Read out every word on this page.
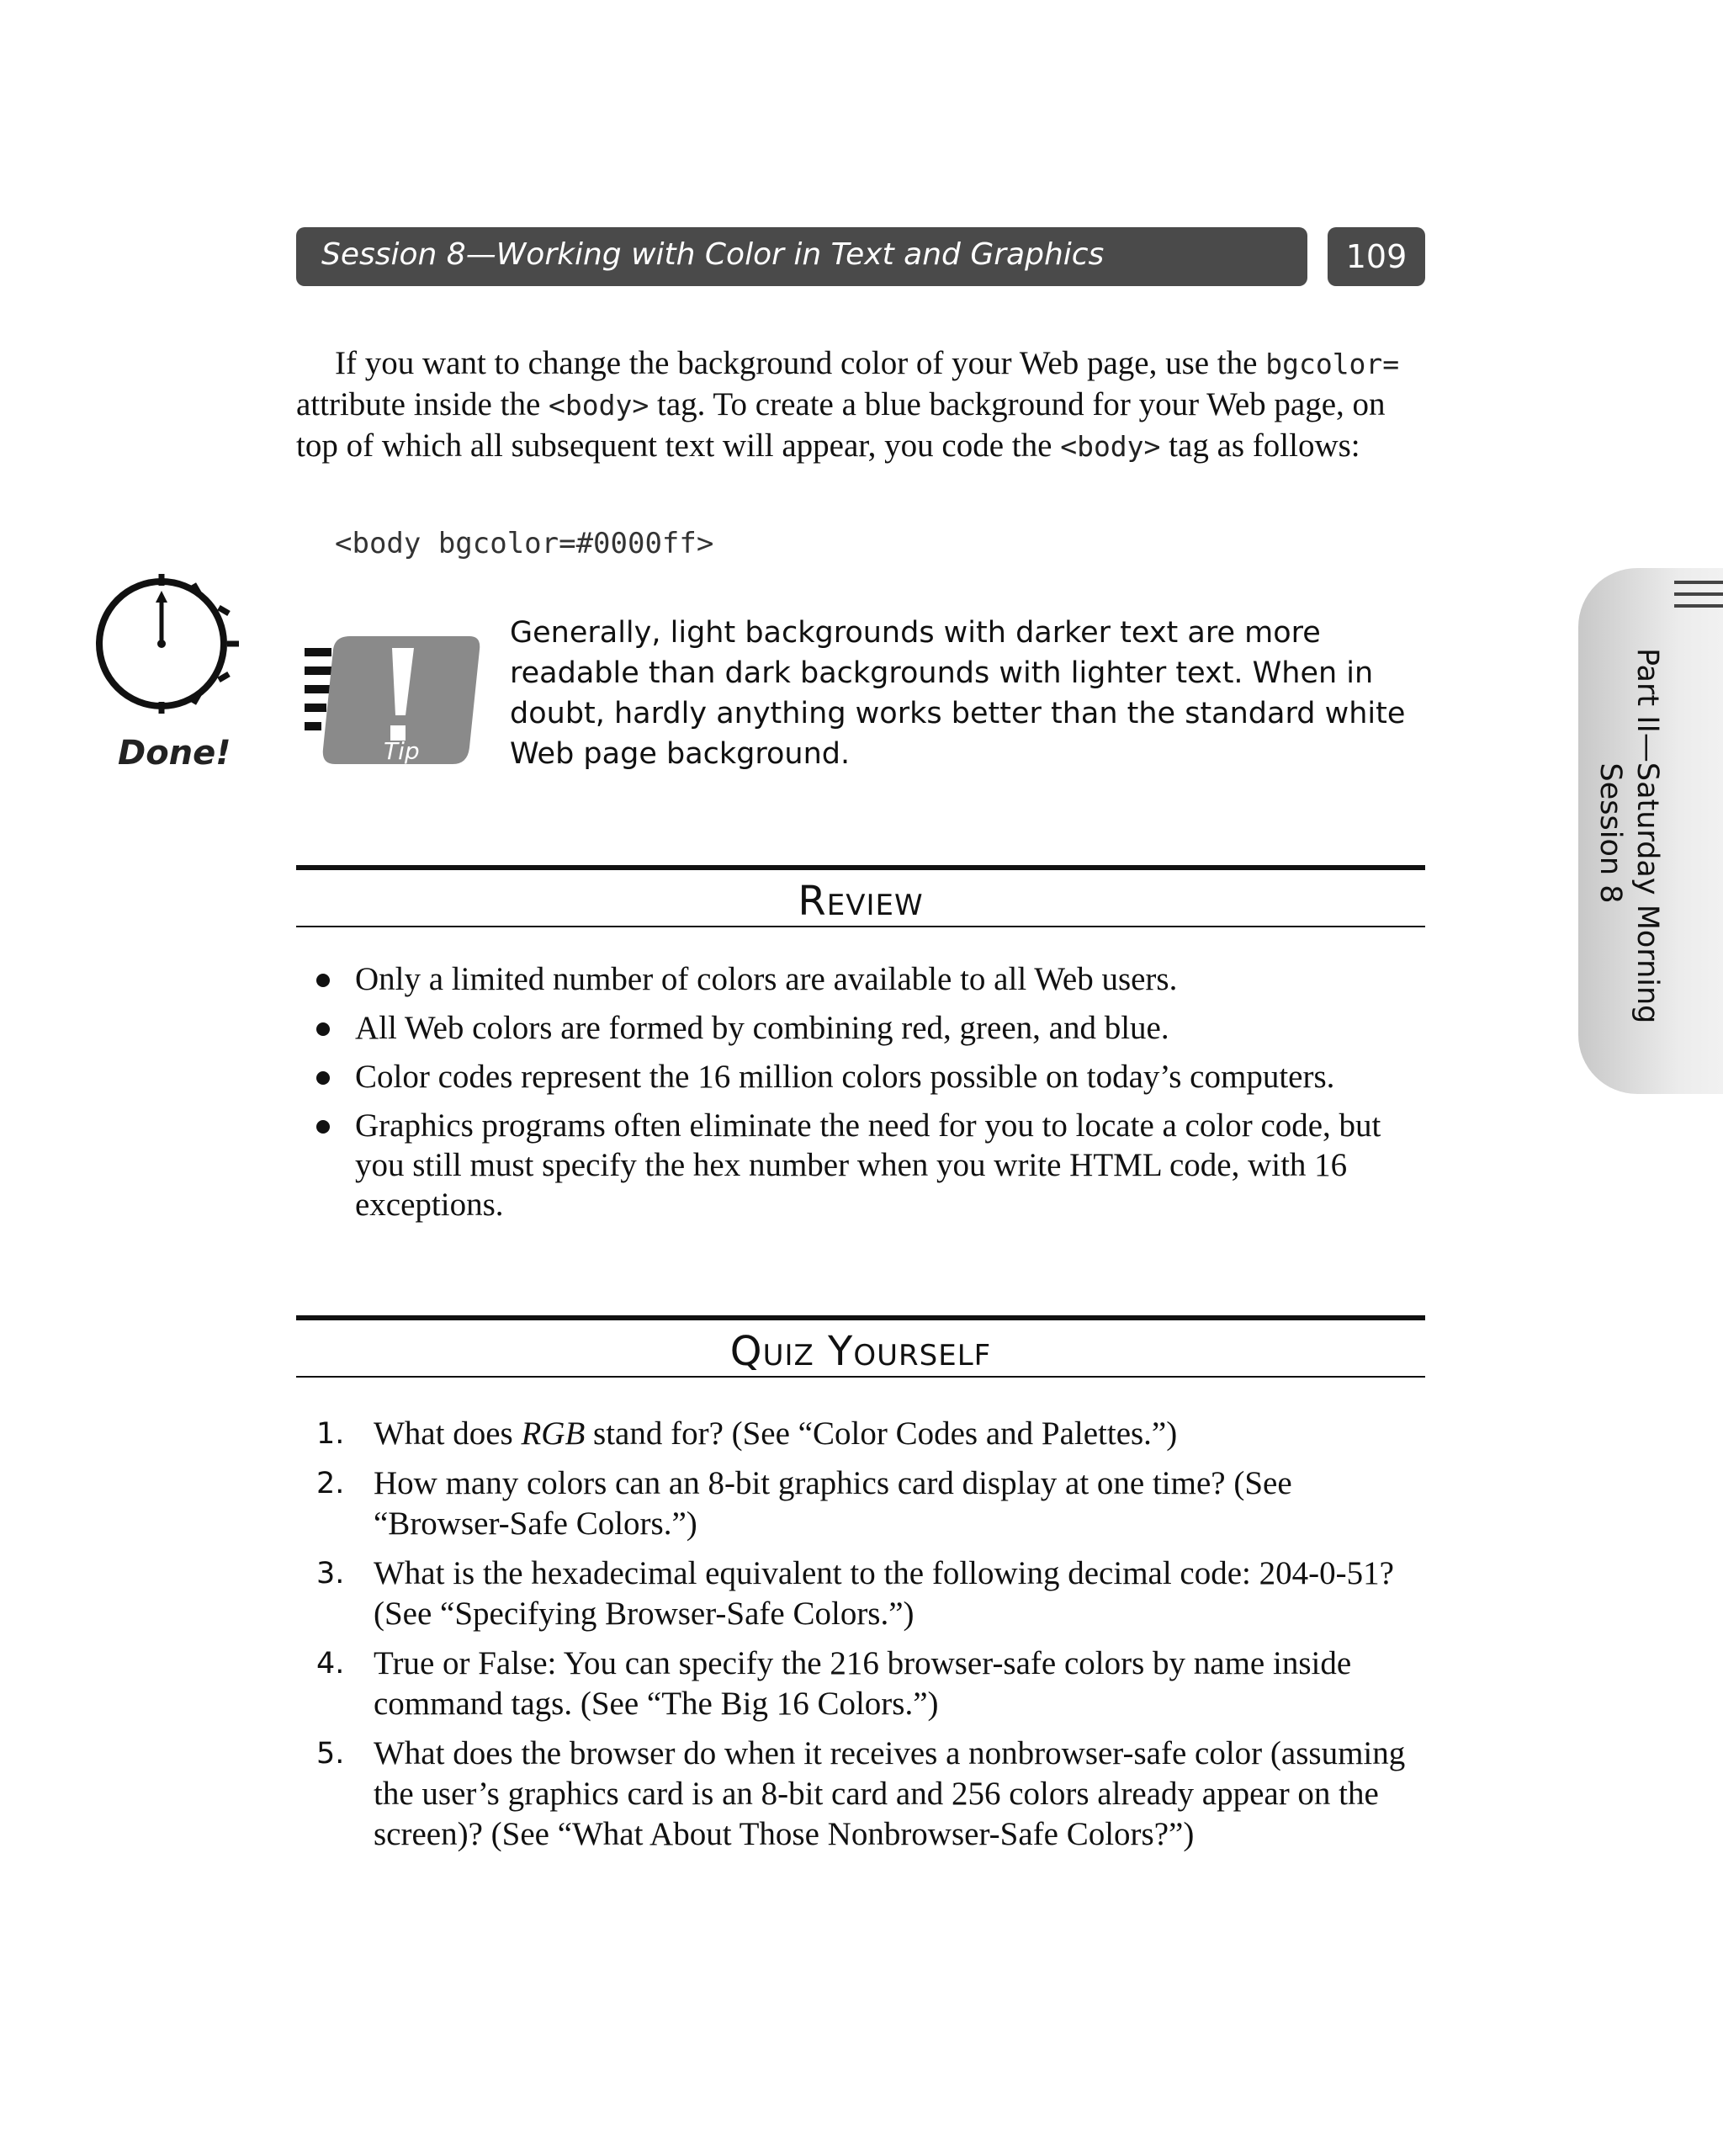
Session 8—Working with Color in Text and Graphics	109

If you want to change the background color of your Web page, use the bgcolor= attribute inside the <body> tag. To create a blue background for your Web page, on top of which all subsequent text will appear, you code the <body> tag as follows:

<body bgcolor=#0000ff>
Done!	Tip
Generally, light backgrounds with darker text are more readable than dark backgrounds with lighter text. When in doubt, hardly anything works better than the standard white Web page background.	Part II—Saturday Morning
Session 8
Review
Only a limited number of colors are available to all Web users.
All Web colors are formed by combining red, green, and blue.
Color codes represent the 16 million colors possible on today’s computers.
Graphics programs often eliminate the need for you to locate a color code, but you still must specify the hex number when you write HTML code, with 16 exceptions.
Quiz Yourself
1. What does RGB stand for? (See “Color Codes and Palettes.”)
2. How many colors can an 8-bit graphics card display at one time? (See “Browser-Safe Colors.”)
3. What is the hexadecimal equivalent to the following decimal code: 204-0-51? (See “Specifying Browser-Safe Colors.”)
4. True or False: You can specify the 216 browser-safe colors by name inside command tags. (See “The Big 16 Colors.”)
5. What does the browser do when it receives a nonbrowser-safe color (assuming the user’s graphics card is an 8-bit card and 256 colors already appear on the screen)? (See “What About Those Nonbrowser-Safe Colors?”)
